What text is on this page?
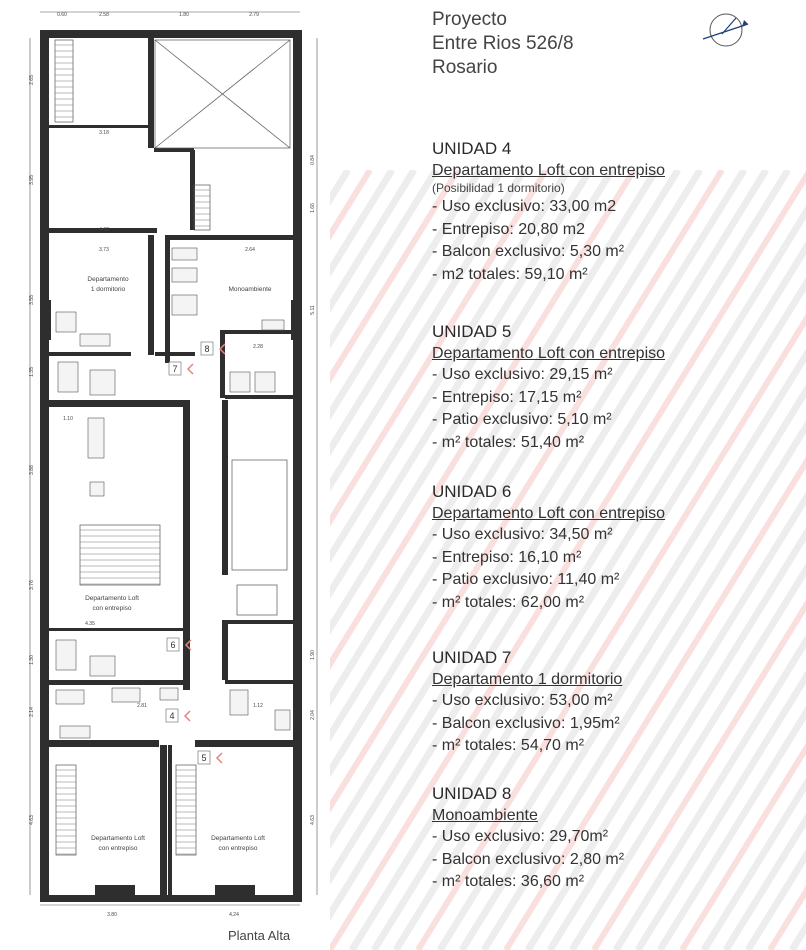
8
7
6
4
5
0.60	2.58	1.80	2.79
3.80	4.24
2.65
3.95
3.55
1.35
3.88
3.76
1.30
2.14
4.63
0.84
1.66
5.11
1.90
2.04
4.63
3.18
4.62
3.73	2.64
2.28
1.10
4.35
2.81	1.12
Departamento
1 dormitorio	Monoambiente
Departamento Loft
con entrepiso
Departamento Loft
con entrepiso
Departamento Loft
con entrepiso
Planta Alta
Proyecto
Entre Rios 526/8
Rosario
UNIDAD 4
Departamento Loft con entrepiso
(Posibilidad 1 dormitorio)
- Uso exclusivo: 33,00 m2
- Entrepiso: 20,80 m2
- Balcon exclusivo: 5,30 m²
- m2 totales: 59,10 m²
UNIDAD 5
Departamento Loft con entrepiso
- Uso exclusivo: 29,15 m²
- Entrepiso: 17,15 m²
- Patio exclusivo: 5,10 m²
- m² totales: 51,40 m²
UNIDAD 6
Departamento Loft con entrepiso
- Uso exclusivo: 34,50 m²
- Entrepiso: 16,10 m²
- Patio exclusivo: 11,40 m²
- m² totales: 62,00 m²
UNIDAD 7
Departamento 1 dormitorio
- Uso exclusivo: 53,00 m²
- Balcon exclusivo: 1,95m²
- m² totales: 54,70 m²
UNIDAD 8
Monoambiente
- Uso exclusivo: 29,70m²
- Balcon exclusivo: 2,80 m²
- m² totales: 36,60 m²
